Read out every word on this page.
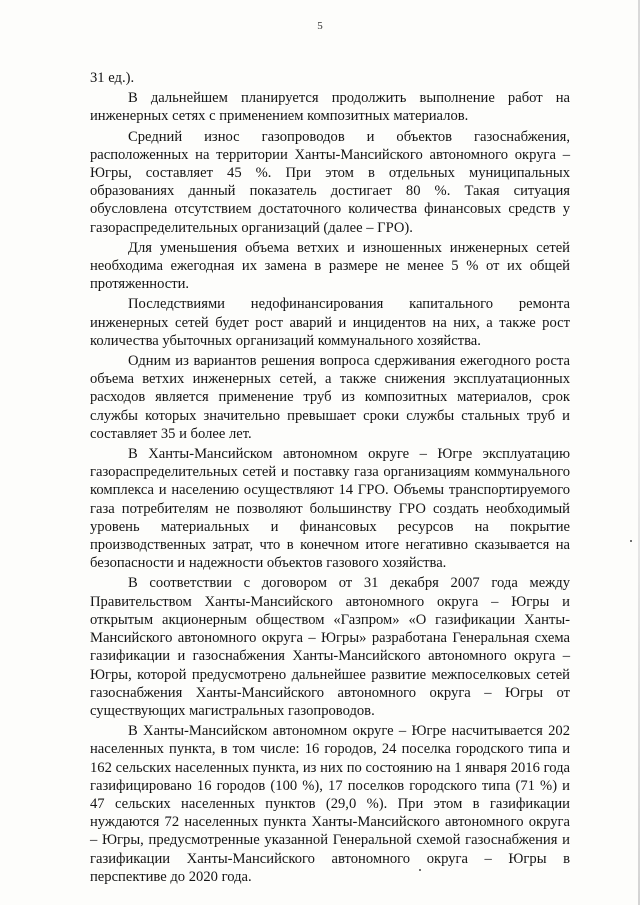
5

31 ед.).

В дальнейшем планируется продолжить выполнение работ на инженерных сетях с применением композитных материалов.

Средний износ газопроводов и объектов газоснабжения, расположенных на территории Ханты-Мансийского автономного округа – Югры, составляет 45 %. При этом в отдельных муниципальных образованиях данный показатель достигает 80 %. Такая ситуация обусловлена отсутствием достаточного количества финансовых средств у газораспределительных организаций (далее – ГРО).

Для уменьшения объема ветхих и изношенных инженерных сетей необходима ежегодная их замена в размере не менее 5 % от их общей протяженности.

Последствиями недофинансирования капитального ремонта инженерных сетей будет рост аварий и инцидентов на них, а также рост количества убыточных организаций коммунального хозяйства.

Одним из вариантов решения вопроса сдерживания ежегодного роста объема ветхих инженерных сетей, а также снижения эксплуатационных расходов является применение труб из композитных материалов, срок службы которых значительно превышает сроки службы стальных труб и составляет 35 и более лет.

В Ханты-Мансийском автономном округе – Югре эксплуатацию газораспределительных сетей и поставку газа организациям коммунального комплекса и населению осуществляют 14 ГРО. Объемы транспортируемого газа потребителям не позволяют большинству ГРО создать необходимый уровень материальных и финансовых ресурсов на покрытие производственных затрат, что в конечном итоге негативно сказывается на безопасности и надежности объектов газового хозяйства.

В соответствии с договором от 31 декабря 2007 года между Правительством Ханты-Мансийского автономного округа – Югры и открытым акционерным обществом «Газпром» «О газификации Ханты-Мансийского автономного округа – Югры» разработана Генеральная схема газификации и газоснабжения Ханты-Мансийского автономного округа – Югры, которой предусмотрено дальнейшее развитие межпоселковых сетей газоснабжения Ханты-Мансийского автономного округа – Югры от существующих магистральных газопроводов.

В Ханты-Мансийском автономном округе – Югре насчитывается 202 населенных пункта, в том числе: 16 городов, 24 поселка городского типа и 162 сельских населенных пункта, из них по состоянию на 1 января 2016 года газифицировано 16 городов (100 %), 17 поселков городского типа (71 %) и 47 сельских населенных пунктов (29,0 %). При этом в газификации нуждаются 72 населенных пункта Ханты-Мансийского автономного округа – Югры, предусмотренные указанной Генеральной схемой газоснабжения и газификации Ханты-Мансийского автономного округа – Югры в перспективе до 2020 года.
